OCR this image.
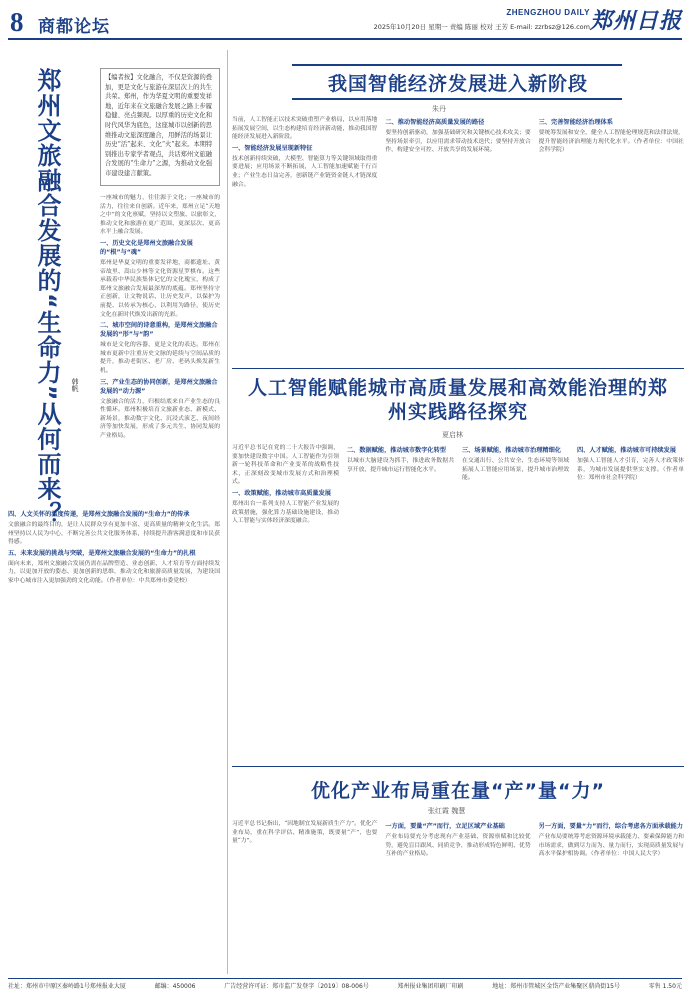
8 商都论坛
ZHENGZHOU DAILY
2025年10月20日 星期一 责编 陈丽 校对 王芳 E-mail: zzrbsz@126.com 郑州日报
郑州文旅融合发展的“生命力”从何而来？ 韩帆
【编者按】文化融合，不仅是资源的叠加，更是文化与旅游在深层次上的共生共荣。郑州，作为华夏文明的重要发祥地，近年来在文旅融合发展之路上步履稳健、亮点频现。以厚重的历史文化和时代风华为底色，这座城市以创新的思维推动文旅深度融合，用鲜活的场景让历史“活”起来、文化“火”起来。本期特别推出专家学者观点，共话郑州文旅融合发展的“生命力”之源，为推动文化强市建设建言献策。

一座城市的魅力，往往源于文化；一座城市的活力，往往来自创新。近年来，郑州立足“天地之中”的文化禀赋，坚持以文塑旅、以旅彰文，推动文化和旅游在更广范围、更深层次、更高水平上融合发展。

一、历史文化是郑州文旅融合发展的“根”与“魂”

郑州是华夏文明的重要发祥地，商都遗址、黄帝故里、嵩山少林等文化资源星罗棋布。这些承载着中华民族集体记忆的文化瑰宝，构成了郑州文旅融合发展最深厚的底蕴。郑州坚持守正创新，让文物说话、让历史发声，以保护为前提、以传承为核心、以利用为路径，使历史文化在新时代焕发出新的光彩。

二、城市空间的诗意重构，是郑州文旅融合发展的“形”与“韵”

城市是文化的容器，更是文化的表达。郑州在城市更新中注重历史文脉的延续与空间品质的提升，推动老街区、老厂房、老码头焕发新生机。

三、产业生态的协同创新，是郑州文旅融合发展的“动力源”

文旅融合的活力，归根结底来自产业生态的良性循环。郑州积极培育文旅新业态、新模式、新场景，推动数字文化、沉浸式演艺、夜间经济等加快发展，形成了多元共生、协同发展的产业格局。

四、人文关怀的温度传递，是郑州文旅融合发展的“生命力”的传承

文旅融合的最终目的，是让人民群众享有更加丰富、更高质量的精神文化生活。郑州坚持以人民为中心，不断完善公共文化服务体系，持续提升游客满意度和市民获得感。

五、未来发展的挑战与突破，是郑州文旅融合发展的“生命力”的扎根

面向未来，郑州文旅融合发展仍需在品牌塑造、业态创新、人才培育等方面持续发力，以更加开放的姿态、更加创新的思维，推动文化和旅游高质量发展，为建设国家中心城市注入更加强劲的文化动能。（作者单位：中共郑州市委党校）

我国智能经济发展进入新阶段
朱丹

当前，人工智能正以技术突破重塑产业格局，以应用落地拓展发展空间，以生态构建培育经济新动能，推动我国智能经济发展进入新阶段。

一、智能经济发展呈现新特征

技术创新持续突破，大模型、智能算力等关键领域取得重要进展；应用场景不断拓展，人工智能加速赋能千行百业；产业生态日益完善，创新链产业链资金链人才链深度融合。

二、推动智能经济高质量发展的路径

要坚持创新驱动，加强基础研究和关键核心技术攻关；要坚持场景牵引，以应用需求带动技术迭代；要坚持开放合作，构建安全可控、开放共享的发展环境。

三、完善智能经济治理体系

要统筹发展和安全，健全人工智能伦理规范和法律法规，提升智能经济治理能力现代化水平。（作者单位：中国社会科学院）

人工智能赋能城市高质量发展和高效能治理的郑州实践路径探究
夏启林

习近平总书记在党的二十大报告中强调，要加快建设数字中国。人工智能作为引领新一轮科技革命和产业变革的战略性技术，正深刻改变城市发展方式和治理模式。

一、政策赋能，推动城市高质量发展

郑州出台一系列支持人工智能产业发展的政策措施，强化算力基础设施建设，推动人工智能与实体经济深度融合。

二、数据赋能，推动城市数字化转型

以城市大脑建设为抓手，推进政务数据共享开放，提升城市运行智能化水平。

三、场景赋能，推动城市治理精细化

在交通出行、公共安全、生态环境等领域拓展人工智能应用场景，提升城市治理效能。

四、人才赋能，推动城市可持续发展

加强人工智能人才引育，完善人才政策体系，为城市发展提供坚实支撑。（作者单位：郑州市社会科学院）

优化产业布局重在量“产”量“力”
张红霞 魏慧

习近平总书记指出，“因地制宜发展新质生产力”。优化产业布局，重在科学评估、精准施策，既要量“产”，也要量“力”。

一方面，要量“产”而行，立足区域产业基础

产业布局要充分考虑现有产业基础、资源禀赋和比较优势，避免盲目跟风、同质竞争，推动形成特色鲜明、优势互补的产业格局。

另一方面，要量“力”而行，综合考虑各方面承载能力

产业布局要统筹考虑资源环境承载能力、要素保障能力和市场需求，做到尽力而为、量力而行，实现高质量发展与高水平保护相协调。（作者单位：中国人民大学）

社址：郑州市中原区秦岭路1号郑州报业大厦	邮编：450006	广告经营许可证：郑市监广发登字〔2019〕08-006号	郑州报业集团印刷厂印刷	地址：郑州市管城区金岱产业集聚区鼎尚街15号	零售 1.50元
